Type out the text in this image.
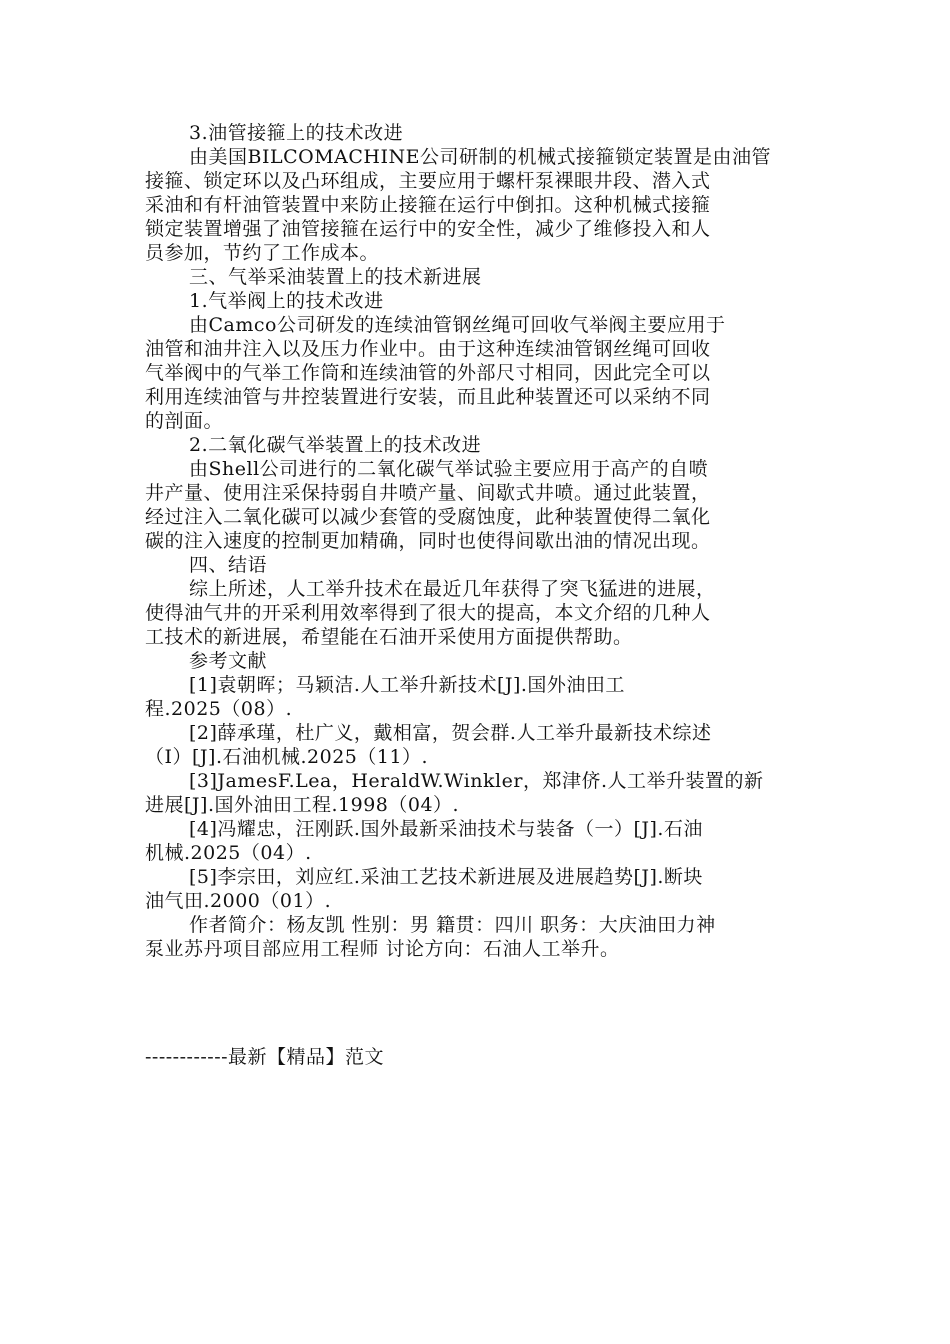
3.油管接箍上的技术改进
由美国BILCOMACHINE公司研制的机械式接箍锁定装置是由油管
接箍、锁定环以及凸环组成，主要应用于螺杆泵裸眼井段、潜入式
采油和有杆油管装置中来防止接箍在运行中倒扣。这种机械式接箍
锁定装置增强了油管接箍在运行中的安全性，减少了维修投入和人
员参加，节约了工作成本。
三、气举采油装置上的技术新进展
1.气举阀上的技术改进
由Camco公司研发的连续油管钢丝绳可回收气举阀主要应用于
油管和油井注入以及压力作业中。由于这种连续油管钢丝绳可回收
气举阀中的气举工作筒和连续油管的外部尺寸相同，因此完全可以
利用连续油管与井控装置进行安装，而且此种装置还可以采纳不同
的剖面。
2.二氧化碳气举装置上的技术改进
由Shell公司进行的二氧化碳气举试验主要应用于高产的自喷
井产量、使用注采保持弱自井喷产量、间歇式井喷。通过此装置，
经过注入二氧化碳可以减少套管的受腐蚀度，此种装置使得二氧化
碳的注入速度的控制更加精确，同时也使得间歇出油的情况出现。
四、结语
综上所述，人工举升技术在最近几年获得了突飞猛进的进展，
使得油气井的开采利用效率得到了很大的提高，本文介绍的几种人
工技术的新进展，希望能在石油开采使用方面提供帮助。
参考文献
[1]袁朝晖；马颖洁.人工举升新技术[J].国外油田工
程.2025（08）.
[2]薛承瑾，杜广义，戴相富，贺会群.人工举升最新技术综述
（Ⅰ）[J].石油机械.2025（11）.
[3]JamesF.Lea，HeraldW.Winkler，郑津侪.人工举升装置的新
进展[J].国外油田工程.1998（04）.
[4]冯耀忠，汪刚跃.国外最新采油技术与装备（一）[J].石油
机械.2025（04）.
[5]李宗田，刘应红.采油工艺技术新进展及进展趋势[J].断块
油气田.2000（01）.
作者简介：杨友凯 性别：男 籍贯：四川 职务：大庆油田力神
泵业苏丹项目部应用工程师 讨论方向：石油人工举升。
------------最新【精品】范文
